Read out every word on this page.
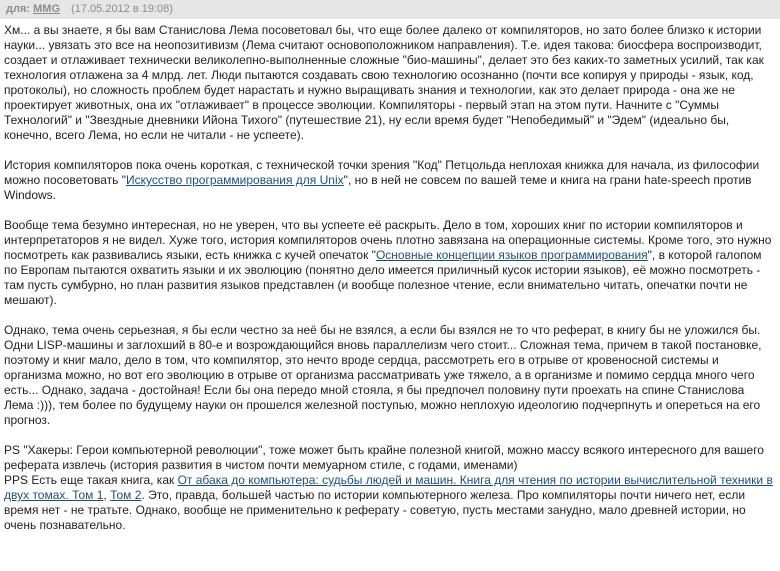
для: MMG (17.05.2012 в 19:08)

Хм... а вы знаете, я бы вам Станислова Лема посоветовал бы, что еще более далеко от компиляторов, но зато более близко к истории науки... увязать это все на неопозитивизм (Лема считают основоположником направления). Т.е. идея такова: биосфера воспроизводит, создает и отлаживает технически великолепно-выполненные сложные "био-машины", делает это без каких-то заметных усилий, так как технология отлажена за 4 млрд. лет. Люди пытаются создавать свою технологию осознанно (почти все копируя у природы - язык, код, протоколы), но сложность проблем будет нарастать и нужно выращивать знания и технологии, как это делает природа - она же не проектирует животных, она их "отлаживает" в процессе эволюции. Компиляторы - первый этап на этом пути. Начните с "Суммы Технологий" и "Звездные дневники Ийона Тихого" (путешествие 21), ну если время будет "Непобедимый" и "Эдем" (идеально бы, конечно, всего Лема, но если не читали - не успеете).

История компиляторов пока очень короткая, с технической точки зрения "Код" Петцольда неплохая книжка для начала, из философии можно посоветовать "Искусство программирования для Unix", но в ней не совсем по вашей теме и книга на грани hate-speech против Windows.

Вообще тема безумно интересная, но не уверен, что вы успеете её раскрыть. Дело в том, хороших книг по истории компиляторов и интерпретаторов я не видел. Хуже того, история компиляторов очень плотно завязана на операционные системы. Кроме того, это нужно посмотреть как развивались языки, есть книжка с кучей опечаток "Основные концепции языков программирования", в которой галопом по Европам пытаются охватить языки и их эволюцию (понятно дело имеется приличный кусок истории языков), её можно посмотреть - там пусть сумбурно, но план развития языков представлен (и вообще полезное чтение, если внимательно читать, опечатки почти не мешают).

Однако, тема очень серьезная, я бы если честно за неё бы не взялся, а если бы взялся не то что реферат, в книгу бы не уложился бы. Одни LISP-машины и заглохший в 80-е и возрождающийся вновь параллелизм чего стоит... Сложная тема, причем в такой постановке, поэтому и книг мало, дело в том, что компилятор, это нечто вроде сердца, рассмотреть его в отрыве от кровеносной системы и организма можно, но вот его эволюцию в отрыве от организма рассматривать уже тяжело, а в организме и помимо сердца много чего есть... Однако, задача - достойная! Если бы она передо мной стояла, я бы предпочел половину пути проехать на спине Станислова Лема :))), тем более по будущему науки он прошелся железной поступью, можно неплохую идеологию подчерпнуть и опереться на его прогноз.

PS "Хакеры: Герои компьютерной революции", тоже может быть крайне полезной книгой, можно массу всякого интересного для вашего реферата извлечь (история развития в чистом почти мемуарном стиле, с годами, именами)

PPS Есть еще такая книга, как От абака до компьютера: судьбы людей и машин. Книга для чтения по истории вычислительной техники в двух томах. Том 1, Том 2. Это, правда, большей частью по истории компьютерного железа. Про компиляторы почти ничего нет, если время нет - не тратьте. Однако, вообще не применительно к реферату - советую, пусть местами занудно, мало древней истории, но очень познавательно.
